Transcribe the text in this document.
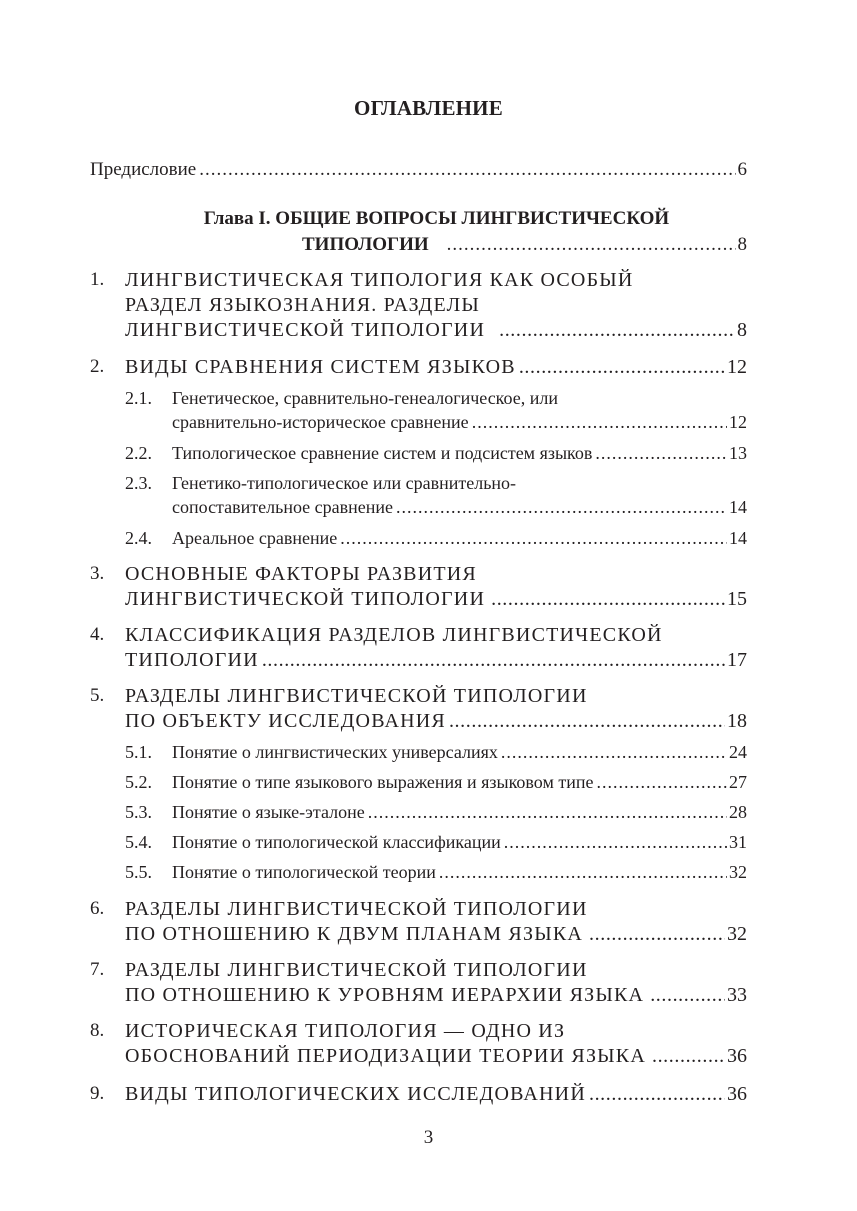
ОГЛАВЛЕНИЕ
Предисловие .....	6
Глава I. ОБЩИЕ ВОПРОСЫ ЛИНГВИСТИЧЕСКОЙ
ТИПОЛОГИИ .....	8
1. ЛИНГВИСТИЧЕСКАЯ ТИПОЛОГИЯ КАК ОСОБЫЙ
РАЗДЕЛ ЯЗЫКОЗНАНИЯ. РАЗДЕЛЫ
ЛИНГВИСТИЧЕСКОЙ ТИПОЛОГИИ .....	8
2. ВИДЫ СРАВНЕНИЯ СИСТЕМ ЯЗЫКОВ .....	12
2.1. Генетическое, сравнительно-генеалогическое, или
сравнительно-историческое сравнение .....	12
2.2. Типологическое сравнение систем и подсистем языков .....	13
2.3. Генетико-типологическое или сравнительно-
сопоставительное сравнение .....	14
2.4. Ареальное сравнение .....	14
3. ОСНОВНЫЕ ФАКТОРЫ РАЗВИТИЯ
ЛИНГВИСТИЧЕСКОЙ ТИПОЛОГИИ .....	15
4. КЛАССИФИКАЦИЯ РАЗДЕЛОВ ЛИНГВИСТИЧЕСКОЙ
ТИПОЛОГИИ .....	17
5. РАЗДЕЛЫ ЛИНГВИСТИЧЕСКОЙ ТИПОЛОГИИ
ПО ОБЪЕКТУ ИССЛЕДОВАНИЯ .....	18
5.1. Понятие о лингвистических универсалиях .....	24
5.2. Понятие о типе языкового выражения и языковом типе .....	27
5.3. Понятие о языке-эталоне .....	28
5.4. Понятие о типологической классификации .....	31
5.5. Понятие о типологической теории .....	32
6. РАЗДЕЛЫ ЛИНГВИСТИЧЕСКОЙ ТИПОЛОГИИ
ПО ОТНОШЕНИЮ К ДВУМ ПЛАНАМ ЯЗЫКА .....	32
7. РАЗДЕЛЫ ЛИНГВИСТИЧЕСКОЙ ТИПОЛОГИИ
ПО ОТНОШЕНИЮ К УРОВНЯМ ИЕРАРХИИ ЯЗЫКА .....	33
8. ИСТОРИЧЕСКАЯ ТИПОЛОГИЯ — ОДНО ИЗ
ОБОСНОВАНИЙ ПЕРИОДИЗАЦИИ ТЕОРИИ ЯЗЫКА .....	36
9. ВИДЫ ТИПОЛОГИЧЕСКИХ ИССЛЕДОВАНИЙ .....	36
3
